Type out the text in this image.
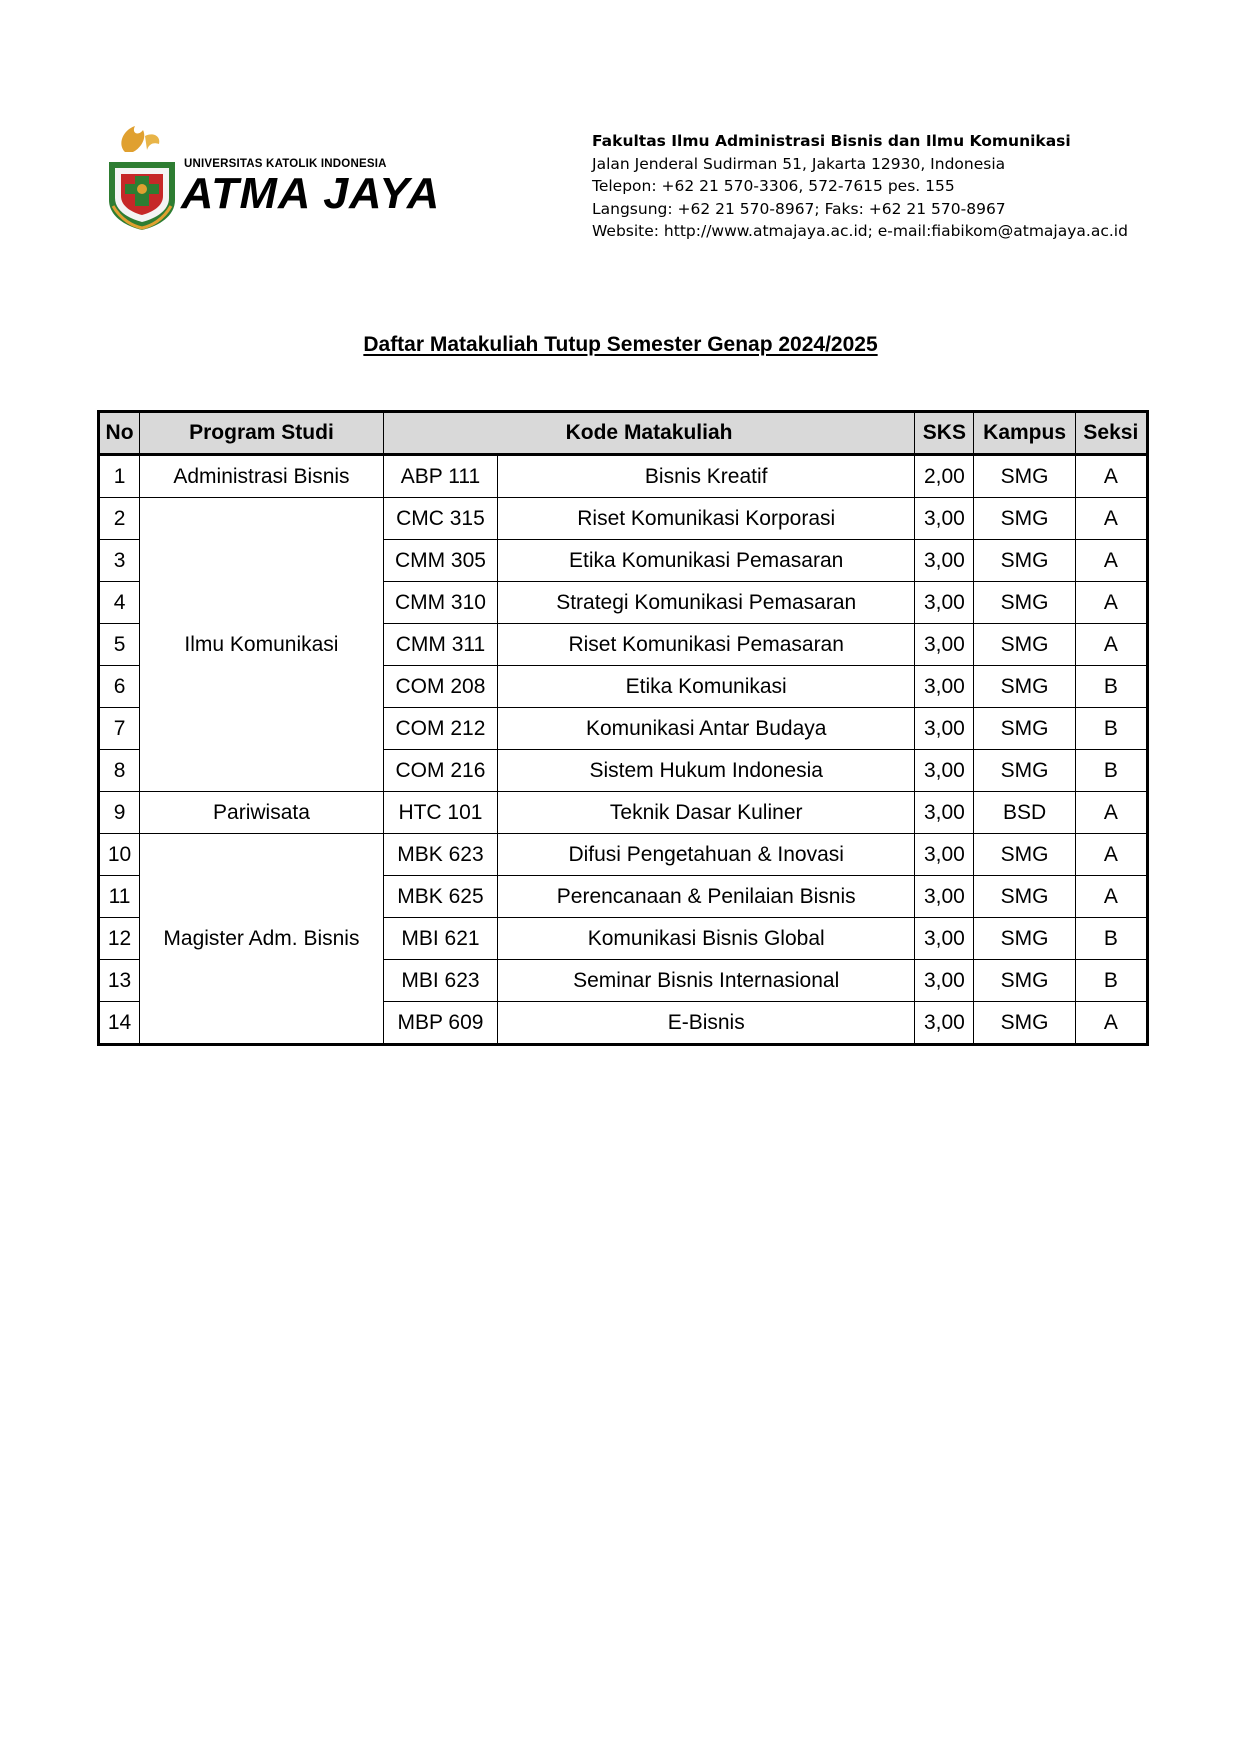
UNIVERSITAS KATOLIK INDONESIA
ATMA JAYA
Fakultas Ilmu Administrasi Bisnis dan Ilmu Komunikasi
Jalan Jenderal Sudirman 51, Jakarta 12930, Indonesia
Telepon: +62 21 570-3306, 572-7615 pes. 155
Langsung: +62 21 570-8967; Faks: +62 21 570-8967
Website: http://www.atmajaya.ac.id; e-mail:fiabikom@atmajaya.ac.id
Daftar Matakuliah Tutup Semester Genap 2024/2025
No	Program Studi	Kode Matakuliah		SKS	Kampus	Seksi
1	Administrasi Bisnis	ABP 111	Bisnis Kreatif	2,00	SMG	A
2	Ilmu Komunikasi	CMC 315	Riset Komunikasi Korporasi	3,00	SMG	A
3		CMM 305	Etika Komunikasi Pemasaran	3,00	SMG	A
4		CMM 310	Strategi Komunikasi Pemasaran	3,00	SMG	A
5		CMM 311	Riset Komunikasi Pemasaran	3,00	SMG	A
6		COM 208	Etika Komunikasi	3,00	SMG	B
7		COM 212	Komunikasi Antar Budaya	3,00	SMG	B
8		COM 216	Sistem Hukum Indonesia	3,00	SMG	B
9	Pariwisata	HTC 101	Teknik Dasar Kuliner	3,00	BSD	A
10	Magister Adm. Bisnis	MBK 623	Difusi Pengetahuan & Inovasi	3,00	SMG	A
11		MBK 625	Perencanaan & Penilaian Bisnis	3,00	SMG	A
12		MBI 621	Komunikasi Bisnis Global	3,00	SMG	B
13		MBI 623	Seminar Bisnis Internasional	3,00	SMG	B
14		MBP 609	E-Bisnis	3,00	SMG	A
